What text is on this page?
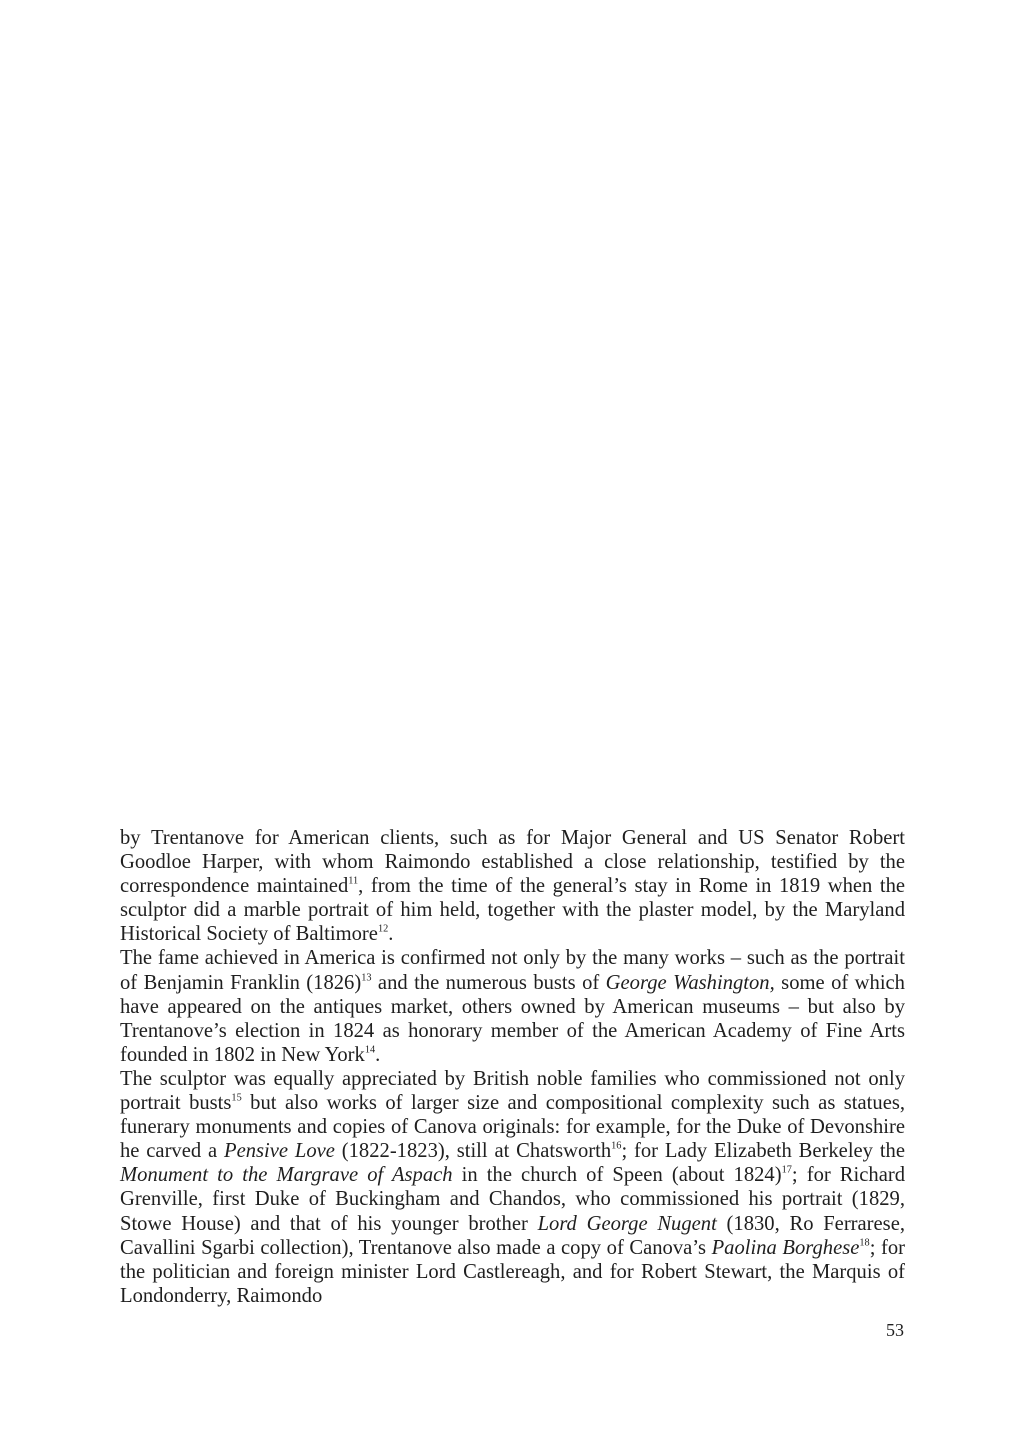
by Trentanove for American clients, such as for Major General and US Senator Robert Goodloe Harper, with whom Raimondo established a close relationship, testified by the correspondence maintained$^{11}$, from the time of the general’s stay in Rome in 1819 when the sculptor did a marble portrait of him held, together with the plaster model, by the Maryland Historical Society of Baltimore$^{12}$.

The fame achieved in America is confirmed not only by the many works – such as the portrait of Benjamin Franklin $(1826)^{13}$ and the numerous busts of George Washington, some of which have appeared on the antiques market, others owned by American museums – but also by Trentanove’s election in 1824 as honorary member of the American Academy of Fine Arts founded in 1802 in New York$^{14}$.

The sculptor was equally appreciated by British noble families who commissioned not only portrait busts$^{15}$ but also works of larger size and compositional complexity such as statues, funerary monuments and copies of Canova originals: for example, for the Duke of Devonshire he carved a Pensive Love (1822-1823), still at Chatsworth$^{16}$; for Lady Elizabeth Berkeley the Monument to the Margrave of Aspach in the church of Speen (about 1824)$^{17}$; for Richard Grenville, first Duke of Buckingham and Chandos, who commissioned his portrait (1829, Stowe House) and that of his younger brother Lord George Nugent (1830, Ro Ferrarese, Cavallini Sgarbi collection), Trentanove also made a copy of Canova’s Paolina Borghese$^{18}$; for the politician and foreign minister Lord Castlereagh, and for Robert Stewart, the Marquis of Londonderry, Raimondo

53
